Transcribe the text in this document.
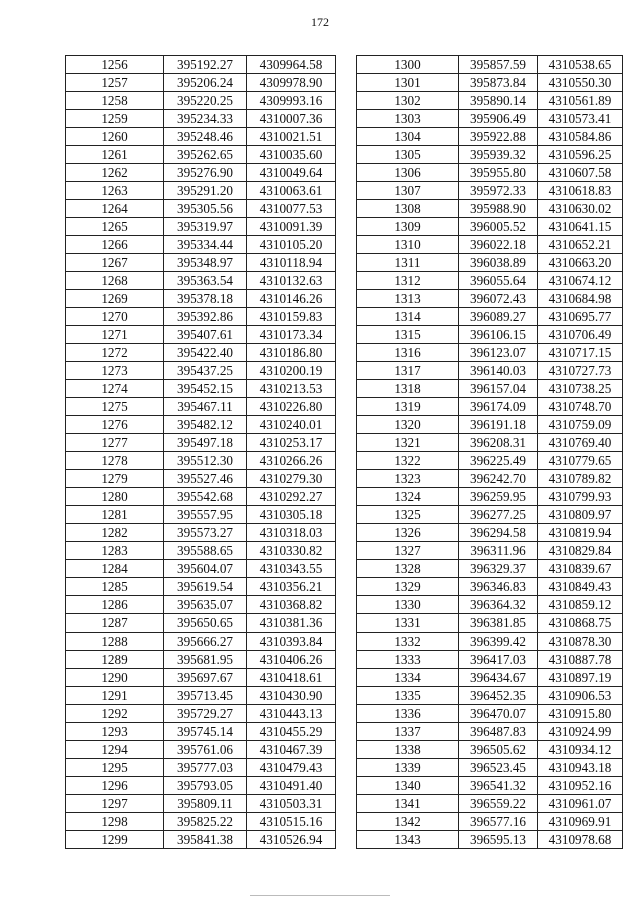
172
1256	395192.27	4309964.58
1257	395206.24	4309978.90
1258	395220.25	4309993.16
1259	395234.33	4310007.36
1260	395248.46	4310021.51
1261	395262.65	4310035.60
1262	395276.90	4310049.64
1263	395291.20	4310063.61
1264	395305.56	4310077.53
1265	395319.97	4310091.39
1266	395334.44	4310105.20
1267	395348.97	4310118.94
1268	395363.54	4310132.63
1269	395378.18	4310146.26
1270	395392.86	4310159.83
1271	395407.61	4310173.34
1272	395422.40	4310186.80
1273	395437.25	4310200.19
1274	395452.15	4310213.53
1275	395467.11	4310226.80
1276	395482.12	4310240.01
1277	395497.18	4310253.17
1278	395512.30	4310266.26
1279	395527.46	4310279.30
1280	395542.68	4310292.27
1281	395557.95	4310305.18
1282	395573.27	4310318.03
1283	395588.65	4310330.82
1284	395604.07	4310343.55
1285	395619.54	4310356.21
1286	395635.07	4310368.82
1287	395650.65	4310381.36
1288	395666.27	4310393.84
1289	395681.95	4310406.26
1290	395697.67	4310418.61
1291	395713.45	4310430.90
1292	395729.27	4310443.13
1293	395745.14	4310455.29
1294	395761.06	4310467.39
1295	395777.03	4310479.43
1296	395793.05	4310491.40
1297	395809.11	4310503.31
1298	395825.22	4310515.16
1299	395841.38	4310526.94
1300	395857.59	4310538.65
1301	395873.84	4310550.30
1302	395890.14	4310561.89
1303	395906.49	4310573.41
1304	395922.88	4310584.86
1305	395939.32	4310596.25
1306	395955.80	4310607.58
1307	395972.33	4310618.83
1308	395988.90	4310630.02
1309	396005.52	4310641.15
1310	396022.18	4310652.21
1311	396038.89	4310663.20
1312	396055.64	4310674.12
1313	396072.43	4310684.98
1314	396089.27	4310695.77
1315	396106.15	4310706.49
1316	396123.07	4310717.15
1317	396140.03	4310727.73
1318	396157.04	4310738.25
1319	396174.09	4310748.70
1320	396191.18	4310759.09
1321	396208.31	4310769.40
1322	396225.49	4310779.65
1323	396242.70	4310789.82
1324	396259.95	4310799.93
1325	396277.25	4310809.97
1326	396294.58	4310819.94
1327	396311.96	4310829.84
1328	396329.37	4310839.67
1329	396346.83	4310849.43
1330	396364.32	4310859.12
1331	396381.85	4310868.75
1332	396399.42	4310878.30
1333	396417.03	4310887.78
1334	396434.67	4310897.19
1335	396452.35	4310906.53
1336	396470.07	4310915.80
1337	396487.83	4310924.99
1338	396505.62	4310934.12
1339	396523.45	4310943.18
1340	396541.32	4310952.16
1341	396559.22	4310961.07
1342	396577.16	4310969.91
1343	396595.13	4310978.68
